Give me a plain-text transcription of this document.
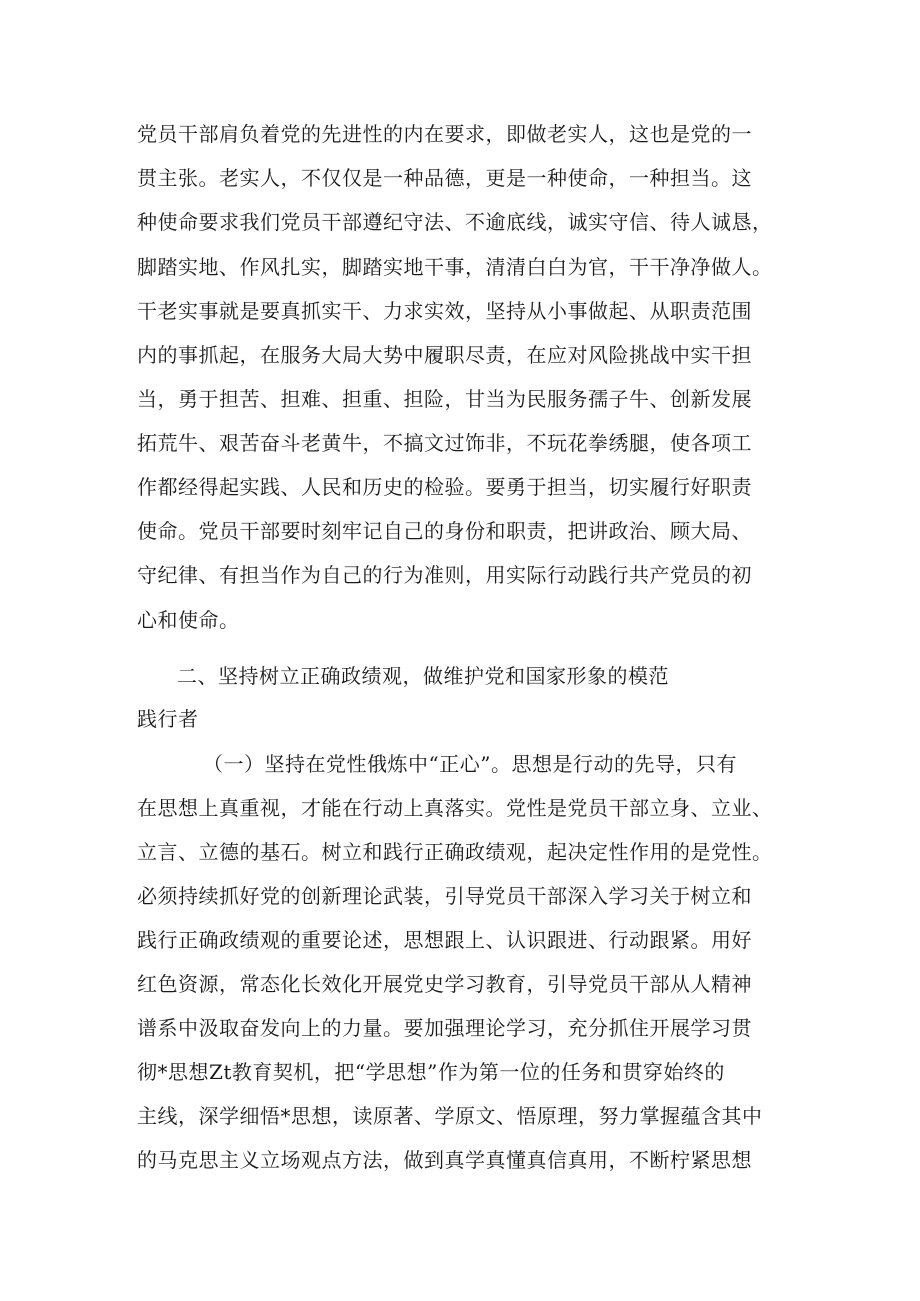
党员干部肩负着党的先进性的内在要求，即做老实人，这也是党的一
贯主张。老实人，不仅仅是一种品德，更是一种使命，一种担当。这
种使命要求我们党员干部遵纪守法、不逾底线，诚实守信、待人诚恳，
脚踏实地、作风扎实，脚踏实地干事，清清白白为官，干干净净做人。
干老实事就是要真抓实干、力求实效，坚持从小事做起、从职责范围
内的事抓起，在服务大局大势中履职尽责，在应对风险挑战中实干担
当，勇于担苦、担难、担重、担险，甘当为民服务孺子牛、创新发展
拓荒牛、艰苦奋斗老黄牛，不搞文过饰非，不玩花拳绣腿，使各项工
作都经得起实践、人民和历史的检验。要勇于担当，切实履行好职责
使命。党员干部要时刻牢记自己的身份和职责，把讲政治、顾大局、
守纪律、有担当作为自己的行为准则，用实际行动践行共产党员的初
心和使命。
二、坚持树立正确政绩观，做维护党和国家形象的模范
践行者
（一）坚持在党性俄炼中“正心”。思想是行动的先导，只有
在思想上真重视，才能在行动上真落实。党性是党员干部立身、立业、
立言、立德的基石。树立和践行正确政绩观，起决定性作用的是党性。
必须持续抓好党的创新理论武装，引导党员干部深入学习关于树立和
践行正确政绩观的重要论述，思想跟上、认识跟进、行动跟紧。用好
红色资源，常态化长效化开展党史学习教育，引导党员干部从人精神
谱系中汲取奋发向上的力量。要加强理论学习，充分抓住开展学习贯
彻*思想Zt教育契机，把“学思想”作为第一位的任务和贯穿始终的
主线，深学细悟*思想，读原著、学原文、悟原理，努力掌握蕴含其中
的马克思主义立场观点方法，做到真学真懂真信真用，不断柠紧思想
